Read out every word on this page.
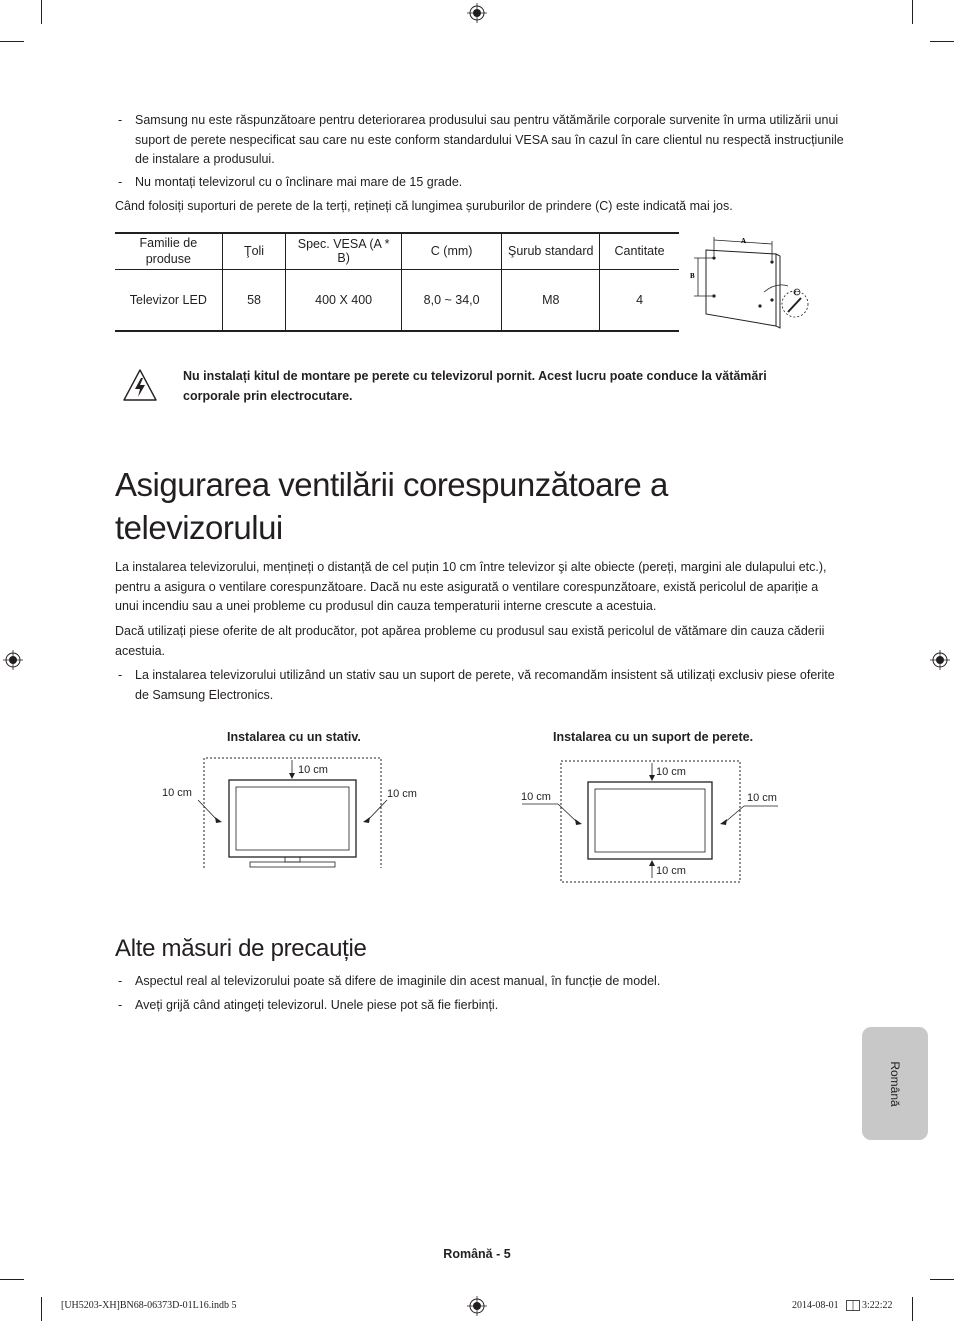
- Samsung nu este răspunzătoare pentru deteriorarea produsului sau pentru vătămările corporale survenite în urma utilizării unui suport de perete nespecificat sau care nu este conform standardului VESA sau în cazul în care clientul nu respectă instrucțiunile de instalare a produsului.
- Nu montați televizorul cu o înclinare mai mare de 15 grade.
Când folosiți suporturi de perete de la terți, rețineți că lungimea șuruburilor de prindere (C) este indicată mai jos.
Familie de produse	Ţoli	Spec. VESA (A * B)	C (mm)	Şurub standard	Cantitate
Televizor LED	58	400 X 400	8,0 ~ 34,0	M8	4
A
B
C
Nu instalați kitul de montare pe perete cu televizorul pornit. Acest lucru poate conduce la vătămări corporale prin electrocutare.
Asigurarea ventilării corespunzătoare a televizorului
La instalarea televizorului, mențineți o distanță de cel puțin 10 cm între televizor şi alte obiecte (pereți, margini ale dulapului etc.), pentru a asigura o ventilare corespunzătoare. Dacă nu este asigurată o ventilare corespunzătoare, există pericolul de apariție a unui incendiu sau a unei probleme cu produsul din cauza temperaturii interne crescute a acestuia.
Dacă utilizați piese oferite de alt producător, pot apărea probleme cu produsul sau există pericolul de vătămare din cauza căderii acestuia.
- La instalarea televizorului utilizând un stativ sau un suport de perete, vă recomandăm insistent să utilizați exclusiv piese oferite de Samsung Electronics.
Instalarea cu un stativ.	Instalarea cu un suport de perete.
10 cm
10 cm	10 cm
10 cm
10 cm	10 cm
10 cm
Alte măsuri de precauție
- Aspectul real al televizorului poate să difere de imaginile din acest manual, în funcție de model.
- Aveți grijă când atingeți televizorul. Unele piese pot să fie fierbinți.
Română
Română - 5
[UH5203-XH]BN68-06373D-01L16.indb 5	2014-08-01 3:22:22
